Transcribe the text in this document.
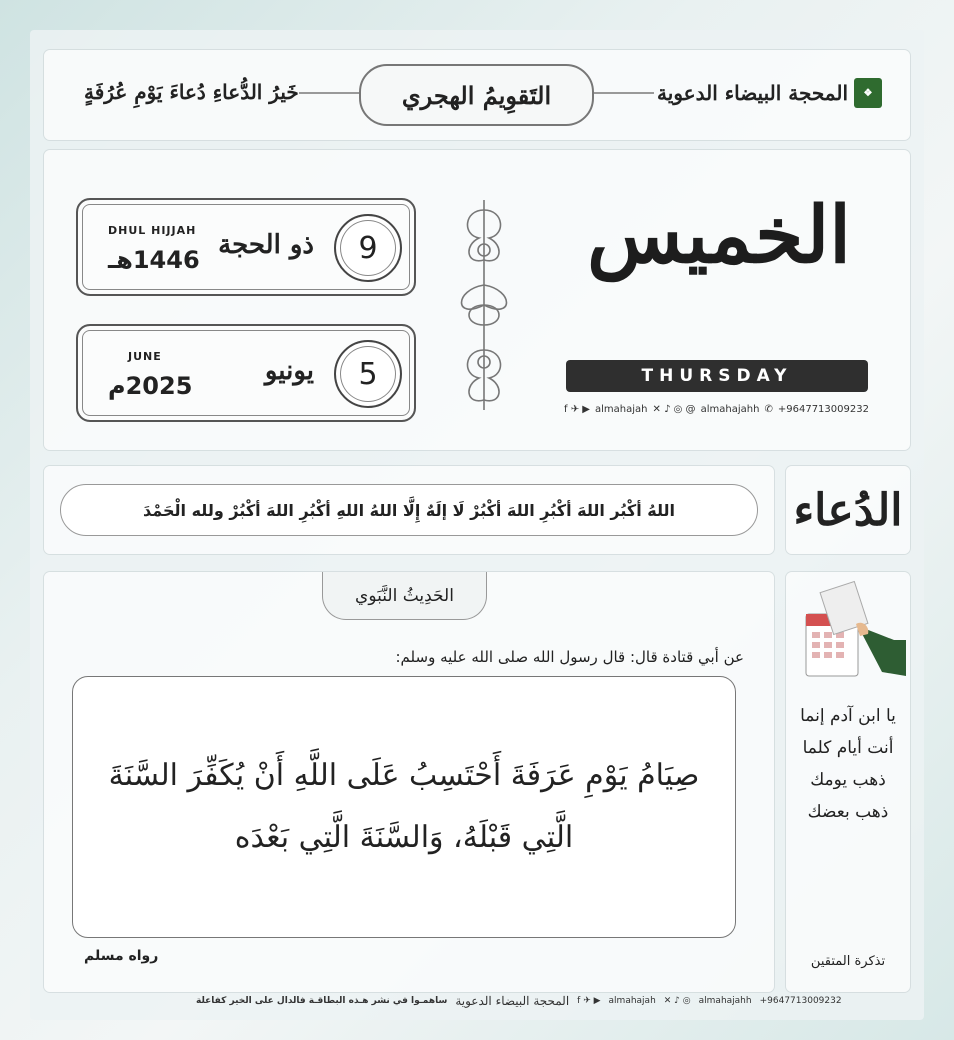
خَيرُ الدُّعاءِ دُعاءَ يَوْمِ عُرُفَةٍ	التَقوِيمُ الهجري	المحجة البيضاء الدعوية	❖
DHUL HIJJAH
1446هـ ذو الحجة	9
JUNE
2025م	يونيو	5
الخميس
THURSDAY
f ✈ ▶ almahajah ✕ ♪ ◎ @ almahajahh ✆ +9647713009232
اللهُ أكْبُر اللهَ أكْبُرِ اللهَ أكْبُرْ لَا إلَهٌ إِلَّا اللهُ اللهِ أكْبُرِ اللهَ أكْبُرْ ولله الْحَمْدَ	الدُعاء
الحَدِيثُ النَّبَوي
عن أبي قتادة قال: قال رسول الله صلى الله عليه وسلم:
صِيَامُ يَوْمِ عَرَفَةَ أَحْتَسِبُ عَلَى اللَّهِ أَنْ يُكَفِّرَ السَّنَةَ الَّتِي قَبْلَهُ، وَالسَّنَةَ الَّتِي بَعْدَه
رواه مسلم
يا ابن آدم إنما أنت أيام كلما ذهب يومك ذهب بعضك
تذكرة المتقين
ساهمـوا في نشر هـذه البطاقـة فالدال على الخير كفاعلة المحجة البيضاء الدعوية f ✈ ▶ almahajah ✕ ♪ ◎ almahajahh +9647713009232
